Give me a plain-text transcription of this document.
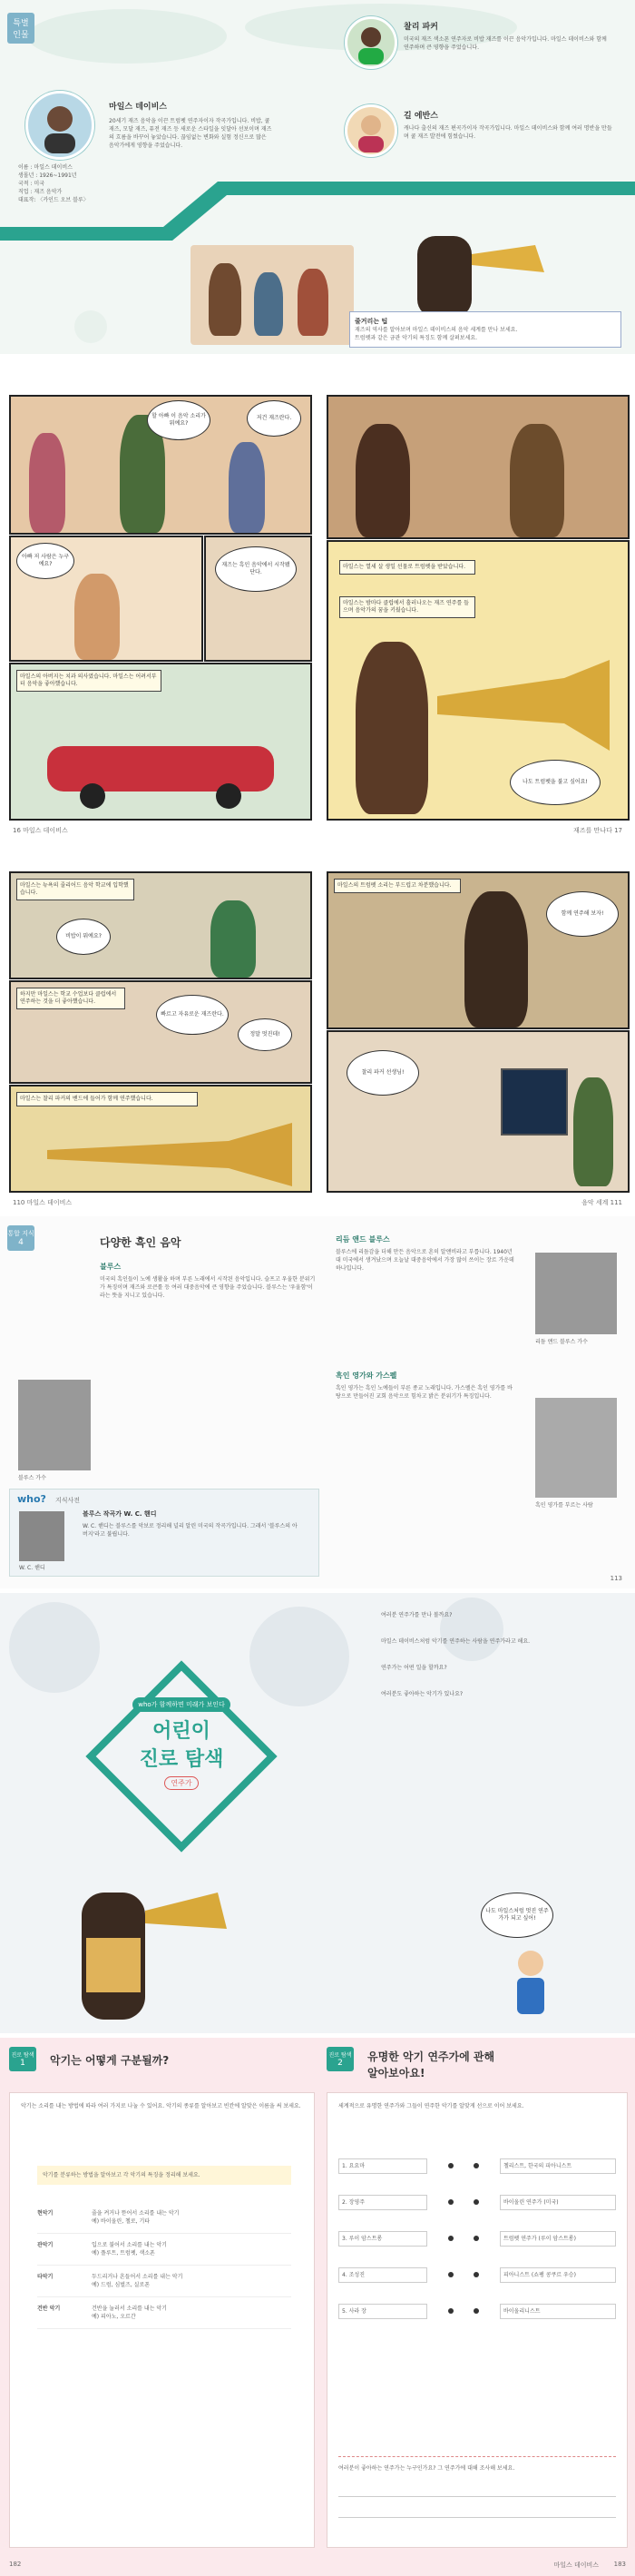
특별
인물
이름 : 마일스 데이비스
생몰년 : 1926~1991년
국적 : 미국
직업 : 재즈 음악가
대표작: 〈카인드 오브 블루〉
마일스 데이비스
20세기 재즈 음악을 이끈 트럼펫 연주자이자 작곡가입니다. 비밥, 쿨 재즈, 모달 재즈, 퓨전 재즈 등 새로운 스타일을 잇달아 선보이며 재즈의 흐름을 바꾸어 놓았습니다. 끊임없는 변화와 실험 정신으로 많은 음악가에게 영향을 주었습니다.
찰리 파커
미국의 재즈 색소폰 연주자로 비밥 재즈를 이끈 음악가입니다. 마일스 데이비스와 함께 연주하며 큰 영향을 주었습니다.
길 에반스
캐나다 출신의 재즈 편곡가이자 작곡가입니다. 마일스 데이비스와 함께 여러 명반을 만들며 쿨 재즈 발전에 힘썼습니다.
줄거리는 팁
재즈의 역사를 알아보며 마일스 데이비스의 음악 세계를 만나 보세요.
트럼펫과 같은 금관 악기의 특징도 함께 살펴보세요.
할 아빠 이 음악 소리가 뭐예요?
저건 재즈란다.
아빠 저 사람은 누구예요?	재즈는 흑인 음악에서 시작됐단다.
마일스의 아버지는 치과 의사였습니다. 마일스는 어려서부터 음악을 좋아했습니다.
마일스는 열세 살 생일 선물로 트럼펫을 받았습니다.
마일스는 밤마다 클럽에서 흘러나오는 재즈 연주를 들으며 음악가의 꿈을 키웠습니다.
나도 트럼펫을 불고 싶어요!
16 마일스 데이비스	재즈를 만나다 17
마일스는 뉴욕의 줄리어드 음악 학교에 입학했습니다.
비밥이 뭐예요?
하지만 마일스는 학교 수업보다 클럽에서 연주하는 것을 더 좋아했습니다.
빠르고 자유로운 재즈란다.
정말 멋진데!
마일스는 찰리 파커의 밴드에 들어가 함께 연주했습니다.
마일스의 트럼펫 소리는 부드럽고 차분했습니다.
함께 연주해 보자!
찰리 파커 선생님!
110 마일스 데이비스	음악 세계 111
통합 지식
4	다양한 흑인 음악
블루스
미국의 흑인들이 노예 생활을 하며 부른 노래에서 시작된 음악입니다. 슬프고 우울한 분위기가 특징이며 재즈와 로큰롤 등 여러 대중음악에 큰 영향을 주었습니다. 블루스는 '우울함'이라는 뜻을 지니고 있습니다.
블루스 가수
who? 지식사전
W. C. 핸디
블루스 작곡가 W. C. 핸디
W. C. 핸디는 블루스를 악보로 정리해 널리 알린 미국의 작곡가입니다. 그래서 '블루스의 아버지'라고 불립니다.
리듬 앤드 블루스
블루스에 리듬감을 더해 만든 음악으로 흔히 알앤비라고 부릅니다. 1940년대 미국에서 생겨났으며 오늘날 대중음악에서 가장 많이 쓰이는 장르 가운데 하나입니다.
리듬 앤드 블루스 가수
흑인 영가와 가스펠
흑인 영가는 흑인 노예들이 부른 종교 노래입니다. 가스펠은 흑인 영가를 바탕으로 만들어진 교회 음악으로 힘차고 밝은 분위기가 특징입니다.
흑인 영가를 부르는 사람
113
who가 함께하면 미래가 보인다
어린이
진로 탐색
연주가
여러분 연주가를 만나 볼까요?
마일스 데이비스처럼 악기를 연주하는 사람을 연주가라고 해요.
연주가는 어떤 일을 할까요?
여러분도 좋아하는 악기가 있나요?
나도 마일스처럼 멋진 연주가가 되고 싶어!
진로 탐색
1	악기는 어떻게 구분될까?
악기는 소리를 내는 방법에 따라 여러 가지로 나눌 수 있어요. 악기의 종류를 알아보고 빈칸에 알맞은 이름을 써 보세요.
악기를 분류하는 방법을 알아보고 각 악기의 특징을 정리해 보세요.
현악기	줄을 켜거나 뜯어서 소리를 내는 악기
예) 바이올린, 첼로, 기타
관악기	입으로 불어서 소리를 내는 악기
예) 플루트, 트럼펫, 색소폰
타악기	두드리거나 흔들어서 소리를 내는 악기
예) 드럼, 심벌즈, 실로폰
건반 악기	건반을 눌러서 소리를 내는 악기
예) 피아노, 오르간
182
진로 탐색
2	유명한 악기 연주가에 관해
알아보아요!
세계적으로 유명한 연주가와 그들이 연주한 악기를 알맞게 선으로 이어 보세요.
1. 요요마	첼리스트, 한국의 피아니스트
2. 장영주	바이올린 연주가 (미국)
3. 루이 암스트롱	트럼펫 연주가 (루이 암스트롱)
4. 조성진	피아니스트 (쇼팽 콩쿠르 우승)
5. 사라 장	바이올리니스트
여러분이 좋아하는 연주가는 누구인가요? 그 연주가에 대해 조사해 보세요.
마일스 데이비스 183
